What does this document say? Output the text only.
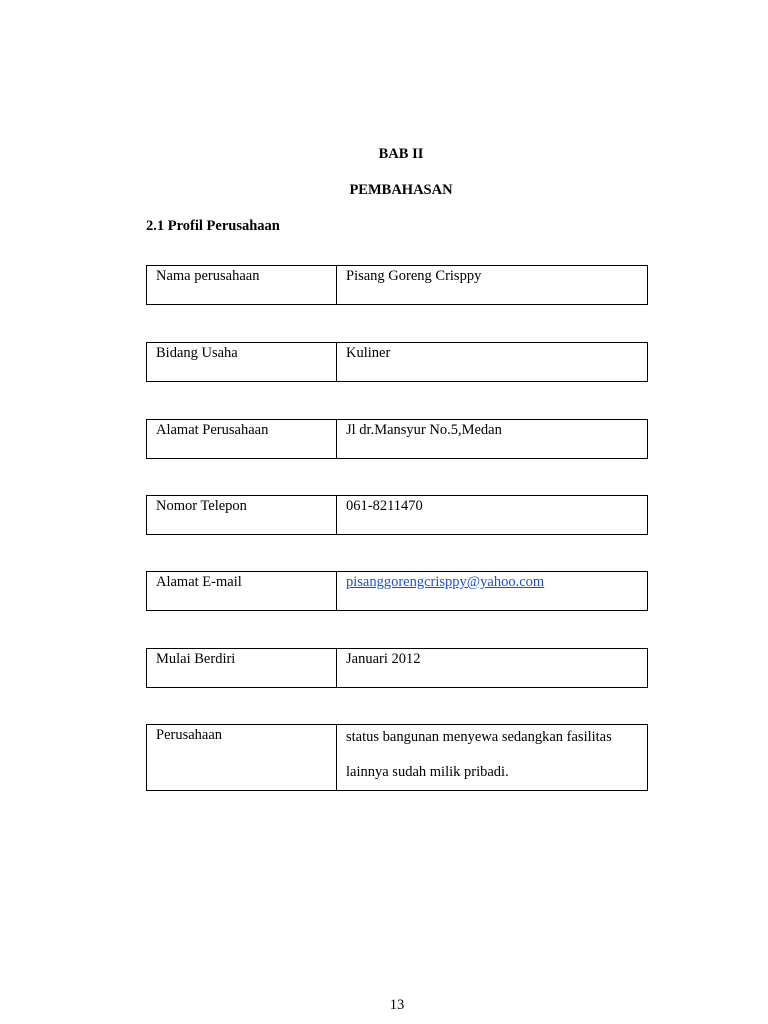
BAB II
PEMBAHASAN
2.1 Profil Perusahaan
Nama perusahaan	Pisang Goreng Crisppy
Bidang Usaha	Kuliner
Alamat Perusahaan	Jl dr.Mansyur No.5,Medan
Nomor Telepon	061-8211470
Alamat E-mail	pisanggorengcrisppy@yahoo.com
Mulai Berdiri	Januari 2012
Perusahaan	status bangunan menyewa sedangkan fasilitas lainnya sudah milik pribadi.
13
